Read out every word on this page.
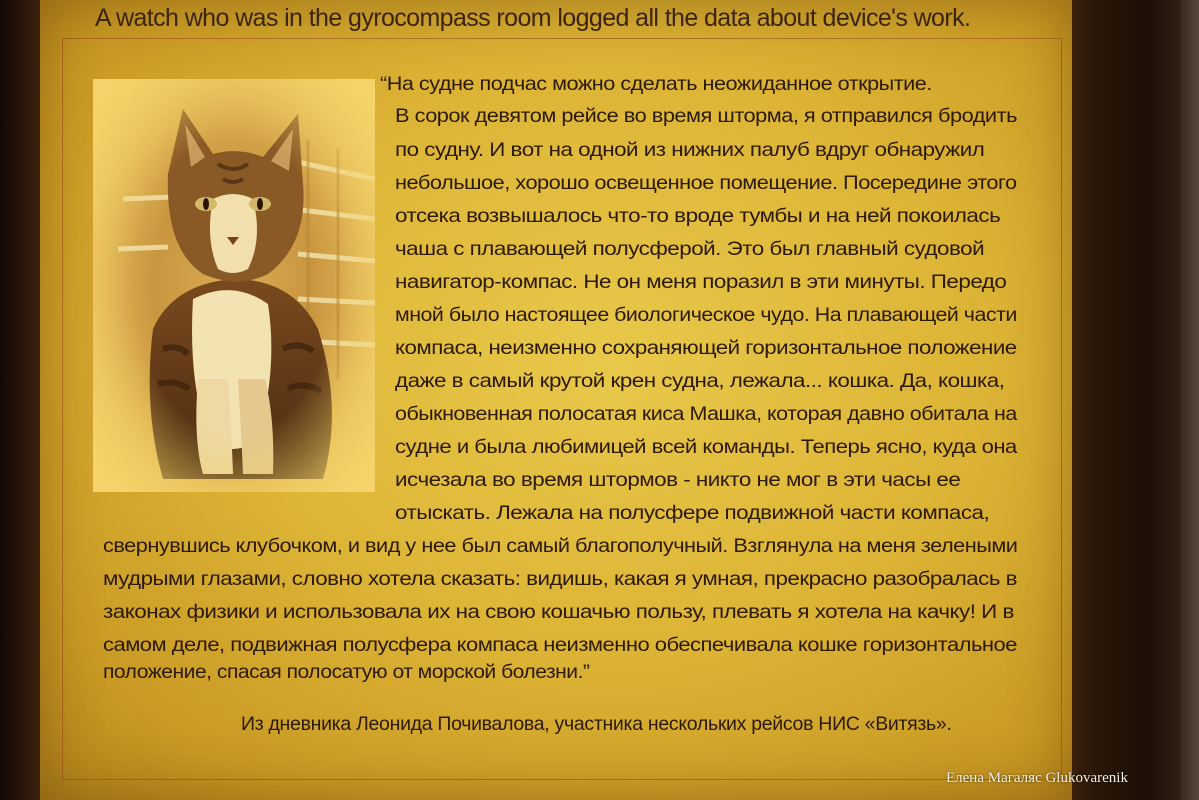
A watch who was in the gyrocompass room logged all the data about device's work.
“На судне подчас можно сделать неожиданное открытие.
В сорок девятом рейсе во время шторма, я отправился бродить
по судну. И вот на одной из нижних палуб вдруг обнаружил
небольшое, хорошо освещенное помещение. Посередине этого
отсека возвышалось что-то вроде тумбы и на ней покоилась
чаша с плавающей полусферой. Это был главный судовой
навигатор-компас. Не он меня поразил в эти минуты. Передо
мной было настоящее биологическое чудо. На плавающей части
компаса, неизменно сохраняющей горизонтальное положение
даже в самый крутой крен судна, лежала... кошка. Да, кошка,
обыкновенная полосатая киса Машка, которая давно обитала на
судне и была любимицей всей команды. Теперь ясно, куда она
исчезала во время штормов - никто не мог в эти часы ее
отыскать. Лежала на полусфере подвижной части компаса,
свернувшись клубочком, и вид у нее был самый благополучный. Взглянула на меня зелеными
мудрыми глазами, словно хотела сказать: видишь, какая я умная, прекрасно разобралась в
законах физики и использовала их на свою кошачью пользу, плевать я хотела на качку! И в
самом деле, подвижная полусфера компаса неизменно обеспечивала кошке горизонтальное
положение, спасая полосатую от морской болезни.”
Из дневника Леонида Почивалова, участника нескольких рейсов НИС «Витязь».
Елена Магаляс Glukovarenik
